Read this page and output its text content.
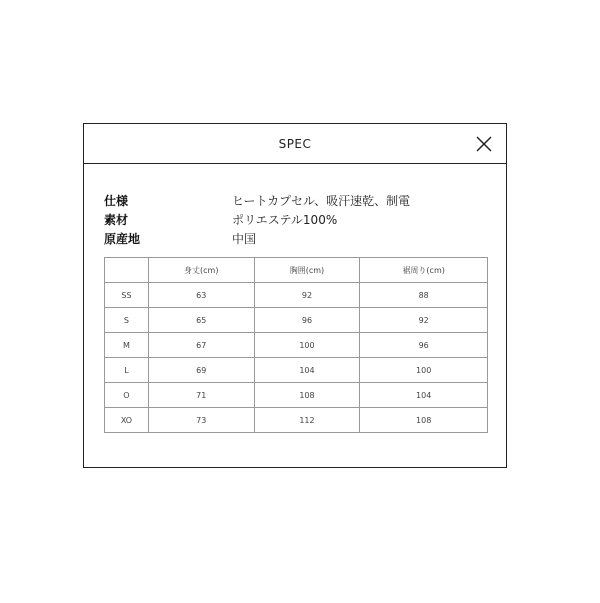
SPEC
仕様	ヒートカプセル、吸汗速乾、制電
素材	ポリエステル100%
原産地	中国
	身丈(cm)	胸囲(cm)	裾周り(cm)
SS	63	92	88
S	65	96	92
M	67	100	96
L	69	104	100
O	71	108	104
XO	73	112	108
